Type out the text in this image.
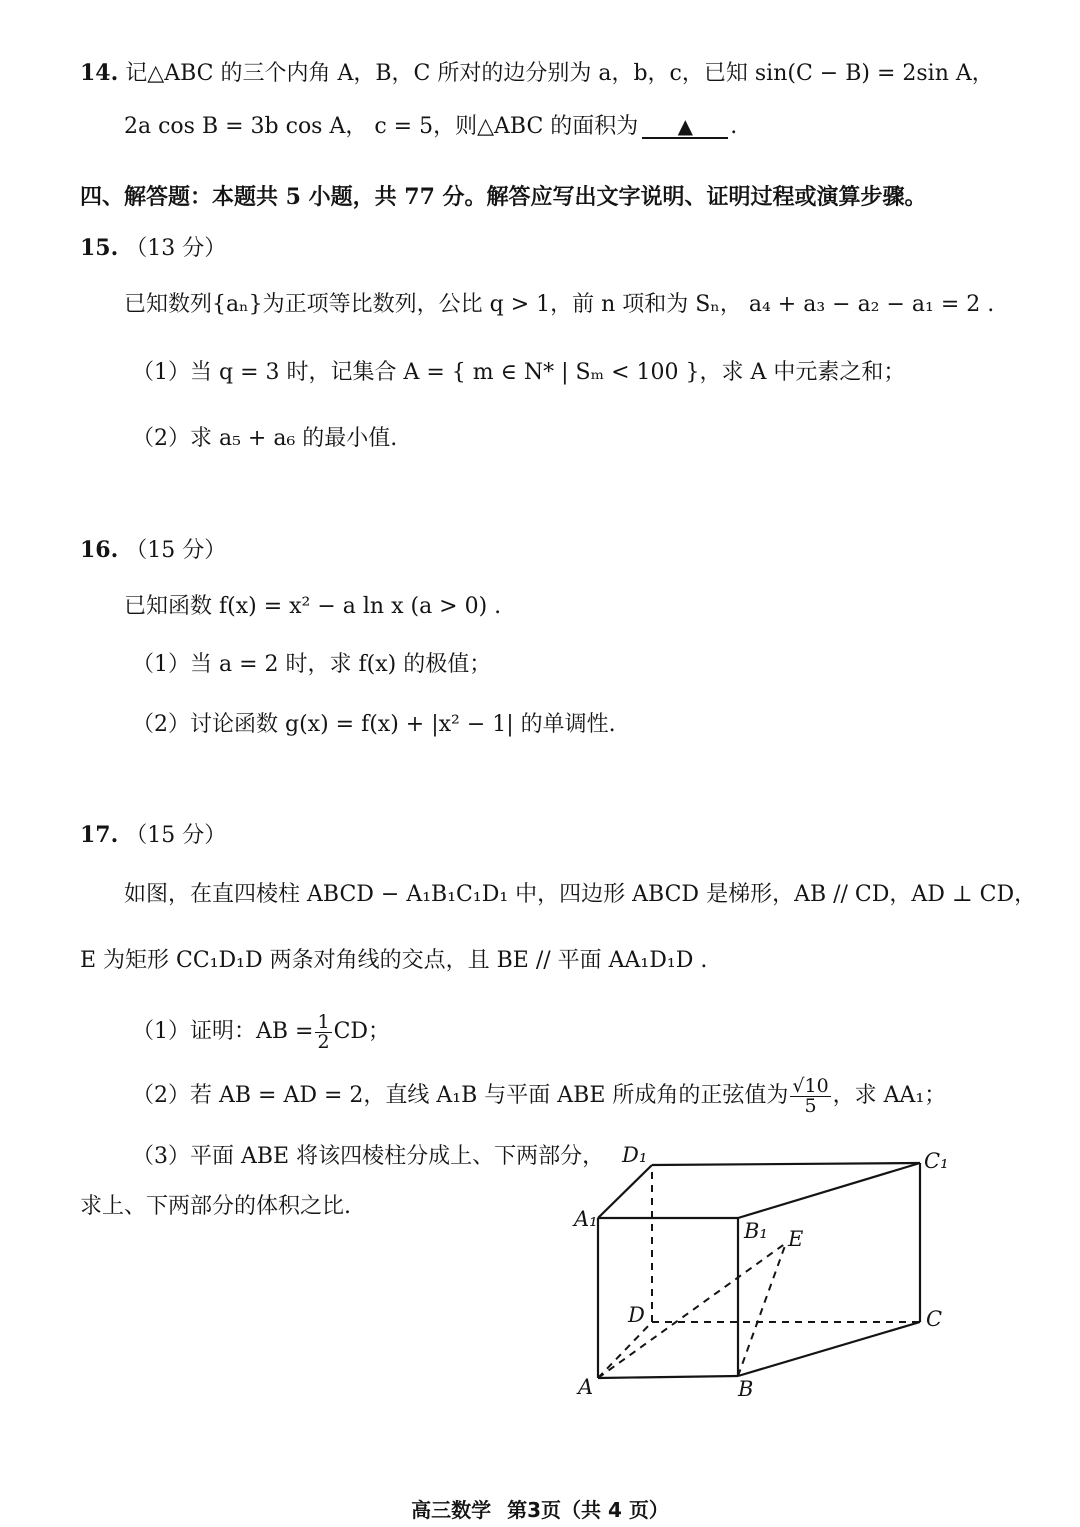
14. 记△ABC 的三个内角 A，B，C 所对的边分别为 a，b，c，已知 sin(C − B) = 2sin A，
2a cos B = 3b cos A， c = 5，则△ABC 的面积为 ▲ .
四、解答题：本题共 5 小题，共 77 分。解答应写出文字说明、证明过程或演算步骤。
15. （13 分）
已知数列{aₙ}为正项等比数列，公比 q > 1，前 n 项和为 Sₙ， a₄ + a₃ − a₂ − a₁ = 2 .
（1）当 q = 3 时，记集合 A = { m ∈ N* | Sₘ < 100 }，求 A 中元素之和；
（2）求 a₅ + a₆ 的最小值.
16. （15 分）
已知函数 f(x) = x² − a ln x (a > 0) .
（1）当 a = 2 时，求 f(x) 的极值；
（2）讨论函数 g(x) = f(x) + |x² − 1| 的单调性.
17. （15 分）
如图，在直四棱柱 ABCD − A₁B₁C₁D₁ 中，四边形 ABCD 是梯形，AB // CD，AD ⊥ CD，
E 为矩形 CC₁D₁D 两条对角线的交点，且 BE // 平面 AA₁D₁D .
（1）证明：AB = $\frac{1}{2}$ CD；
（2）若 AB = AD = 2，直线 A₁B 与平面 ABE 所成角的正弦值为 $\frac{√10}{5}$ ，求 AA₁；
（3）平面 ABE 将该四棱柱分成上、下两部分，
求上、下两部分的体积之比.
D₁	C₁
A₁	B₁ E
D	C
A	B
高三数学 第3页（共 4 页）
